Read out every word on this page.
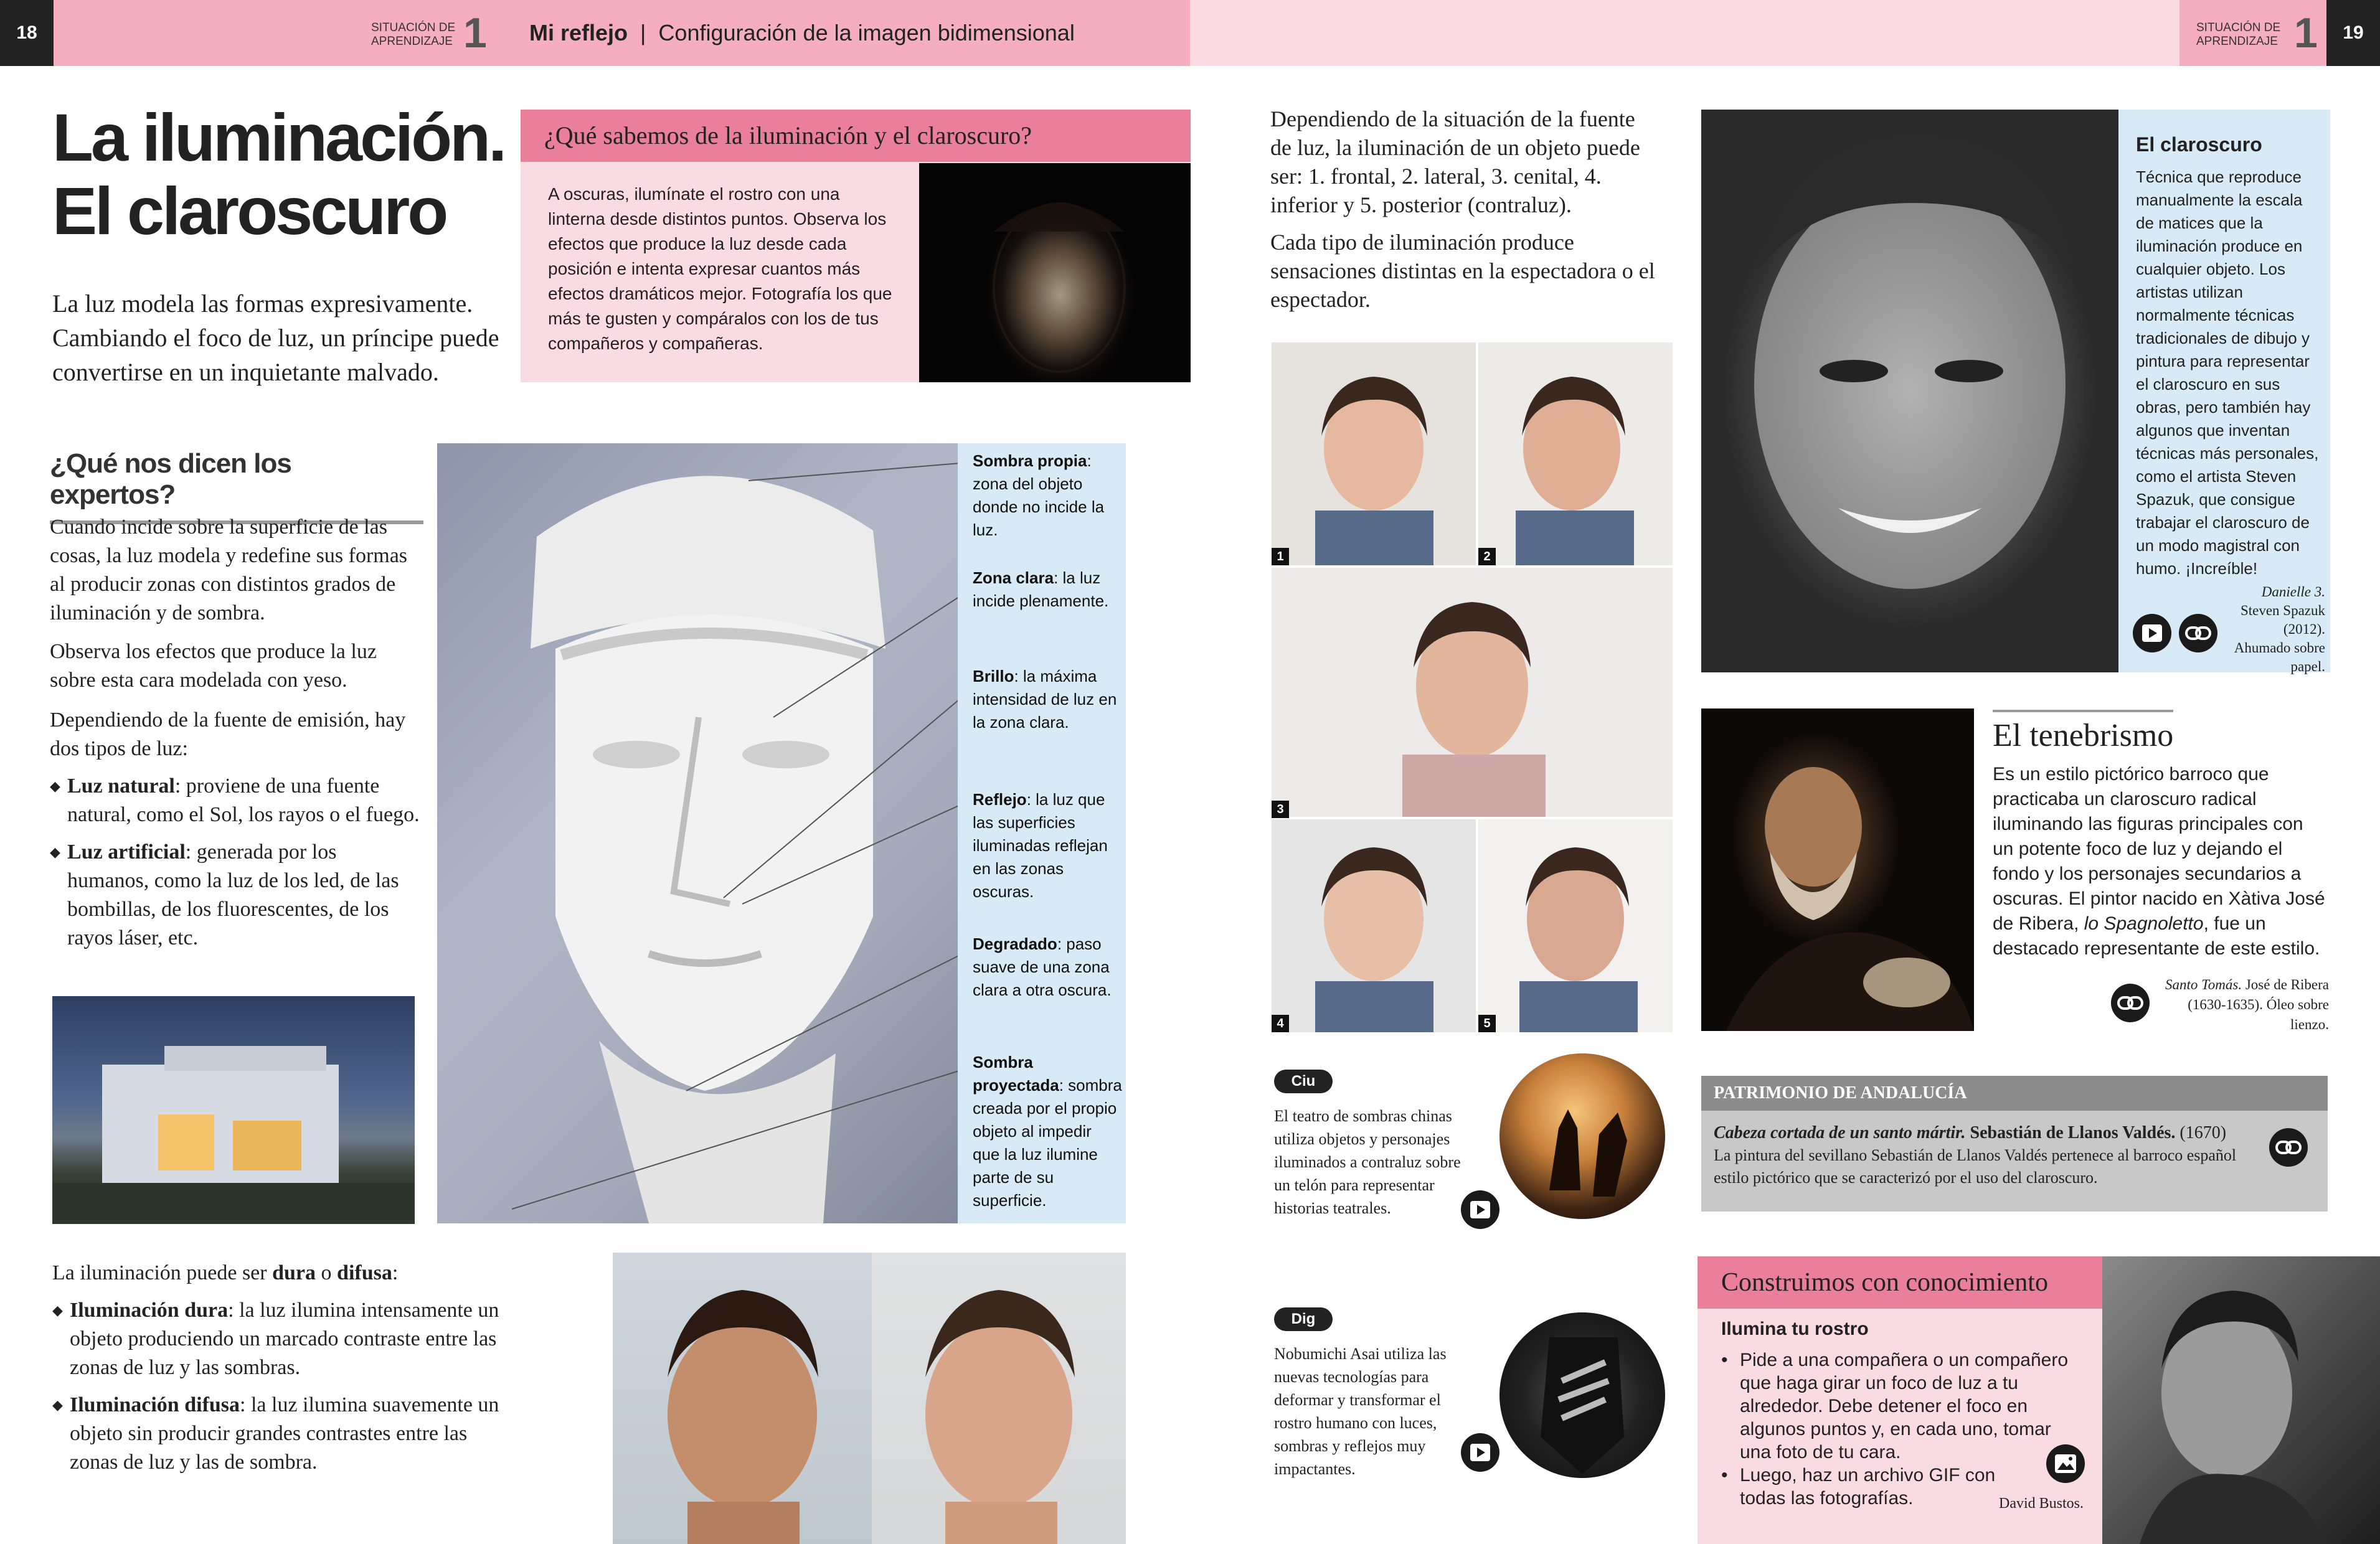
18	19
SITUACIÓN DE
APRENDIZAJE 1 Mi reflejo | Configuración de la imagen bidimensional	SITUACIÓN DE
APRENDIZAJE 1
La iluminación.
El claroscuro
La luz modela las formas expresivamente. Cambiando el foco de luz, un príncipe puede convertirse en un inquietante malvado.
¿Qué sabemos de la iluminación y el claroscuro?
A oscuras, ilumínate el rostro con una linterna desde distintos puntos. Observa los efectos que produce la luz desde cada posición e intenta expresar cuantos más efectos dramáticos mejor. Fotografía los que más te gusten y compáralos con los de tus compañeros y compañeras.
¿Qué nos dicen los expertos?

Cuando incide sobre la superficie de las cosas, la luz modela y redefine sus formas al producir zonas con distintos grados de iluminación y de sombra.

Observa los efectos que produce la luz sobre esta cara modelada con yeso.

Dependiendo de la fuente de emisión, hay dos tipos de luz:

◆ Luz natural: proviene de una fuente natural, como el Sol, los rayos o el fuego.

◆ Luz artificial: generada por los humanos, como la luz de los led, de las bombillas, de los fluorescentes, de los rayos láser, etc.

Sombra propia: zona del objeto donde no incide la luz.
Zona clara: la luz incide plenamente.
Brillo: la máxima intensidad de luz en la zona clara.
Reflejo: la luz que las superficies iluminadas reflejan en las zonas oscuras.
Degradado: paso suave de una zona clara a otra oscura.
Sombra proyectada: sombra creada por el propio objeto al impedir que la luz ilumine parte de su superficie.

La iluminación puede ser dura o difusa:

◆ Iluminación dura: la luz ilumina intensamente un objeto produciendo un marcado contraste entre las zonas de luz y las sombras.

◆ Iluminación difusa: la luz ilumina suavemente un objeto sin producir grandes contrastes entre las zonas de luz y las de sombra.

Dependiendo de la situación de la fuente de luz, la iluminación de un objeto puede ser: 1. frontal, 2. lateral, 3. cenital, 4. inferior y 5. posterior (contraluz).

Cada tipo de iluminación produce sensaciones distintas en la espectadora o el espectador.

1	2
3
4	5
Ciu
El teatro de sombras chinas utiliza objetos y personajes iluminados a contraluz sobre un telón para representar historias teatrales.
Dig
Nobumichi Asai utiliza las nuevas tecnologías para deformar y transformar el rostro humano con luces, sombras y reflejos muy impactantes.
El claroscuro
Técnica que reproduce manualmente la escala de matices que la iluminación produce en cualquier objeto. Los artistas utilizan normalmente técnicas tradicionales de dibujo y pintura para representar el claroscuro en sus obras, pero también hay algunos que inventan técnicas más personales, como el artista Steven Spazuk, que consigue trabajar el claroscuro de un modo magistral con humo. ¡Increíble!
Danielle 3. Steven Spazuk (2012). Ahumado sobre papel.
El tenebrismo
Es un estilo pictórico barroco que practicaba un claroscuro radical iluminando las figuras principales con un potente foco de luz y dejando el fondo y los personajes secundarios a oscuras. El pintor nacido en Xàtiva José de Ribera, lo Spagnoletto, fue un destacado representante de este estilo.
Santo Tomás. José de Ribera (1630-1635). Óleo sobre lienzo.
PATRIMONIO DE ANDALUCÍA
Cabeza cortada de un santo mártir. Sebastián de Llanos Valdés. (1670)
La pintura del sevillano Sebastián de Llanos Valdés pertenece al barroco español estilo pictórico que se caracterizó por el uso del claroscuro.
Construimos con conocimiento
Ilumina tu rostro
• Pide a una compañera o un compañero que haga girar un foco de luz a tu alrededor. Debe detener el foco en algunos puntos y, en cada uno, tomar una foto de tu cara.
• Luego, haz un archivo GIF con todas las fotografías.	David Bustos.
